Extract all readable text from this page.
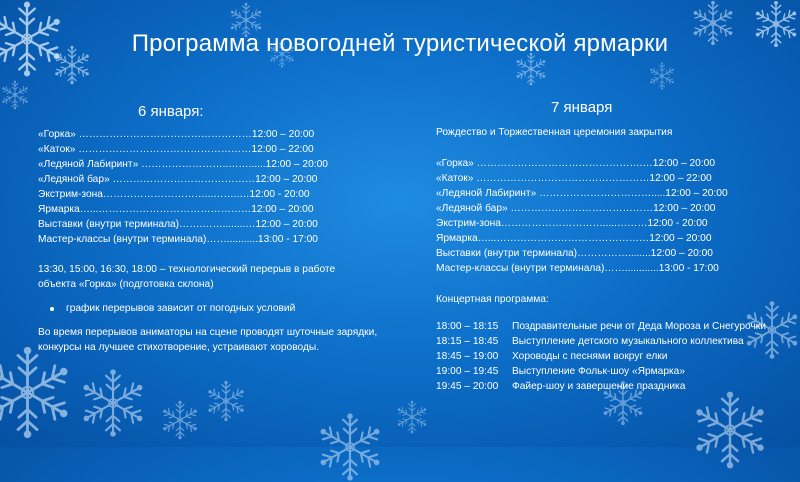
Программа новогодней туристической ярмарки
6 января:
«Горка» ……………………………………………12:00 – 20:00
«Каток» ……………………………………………12:00 – 22:00
«Ледяной Лабиринт» ……………………..……......12:00 – 20:00
«Ледяной бар» ……………………………………12:00 – 20:00
Экстрим-зона…………………………...……..…12:00 - 20:00
Ярмарка…...………………………………………12:00 – 20:00
Выставки (внутри терминала)…….……........…12:00 – 20:00
Мастер-классы (внутри терминала)……...........13:00 - 17:00
13:30, 15:00, 16:30, 18:00 – технологический перерыв в работе
объекта «Горка» (подготовка склона)
график перерывов зависит от погодных условий
Во время перерывов аниматоры на сцене проводят шуточные зарядки,
конкурсы на лучшее стихотворение, устраивают хороводы.
7 января
Рождество и Торжественная церемония закрытия
«Горка» ………………………………………….…12:00 – 20:00
«Каток» ……………………………………………12:00 – 22:00
«Ледяной Лабиринт» …………………………….....12:00 – 20:00
«Ледяной бар» ……………………………………12:00 – 20:00
Экстрим-зона………………………….....………12:00 - 20:00
Ярмарка…...………………………………………12:00 – 20:00
Выставки (внутри терминала)……………........12:00 – 20:00
Мастер-классы (внутри терминала)……............13:00 - 17:00
Концертная программа:
18:00 – 18:15	Поздравительные речи от Деда Мороза и Снегурочки
18:15 – 18:45	Выступление детского музыкального коллектива
18:45 – 19:00	Хороводы с песнями вокруг елки
19:00 – 19:45	Выступление Фольк-шоу «Ярмарка»
19:45 – 20:00	Файер-шоу и завершение праздника
